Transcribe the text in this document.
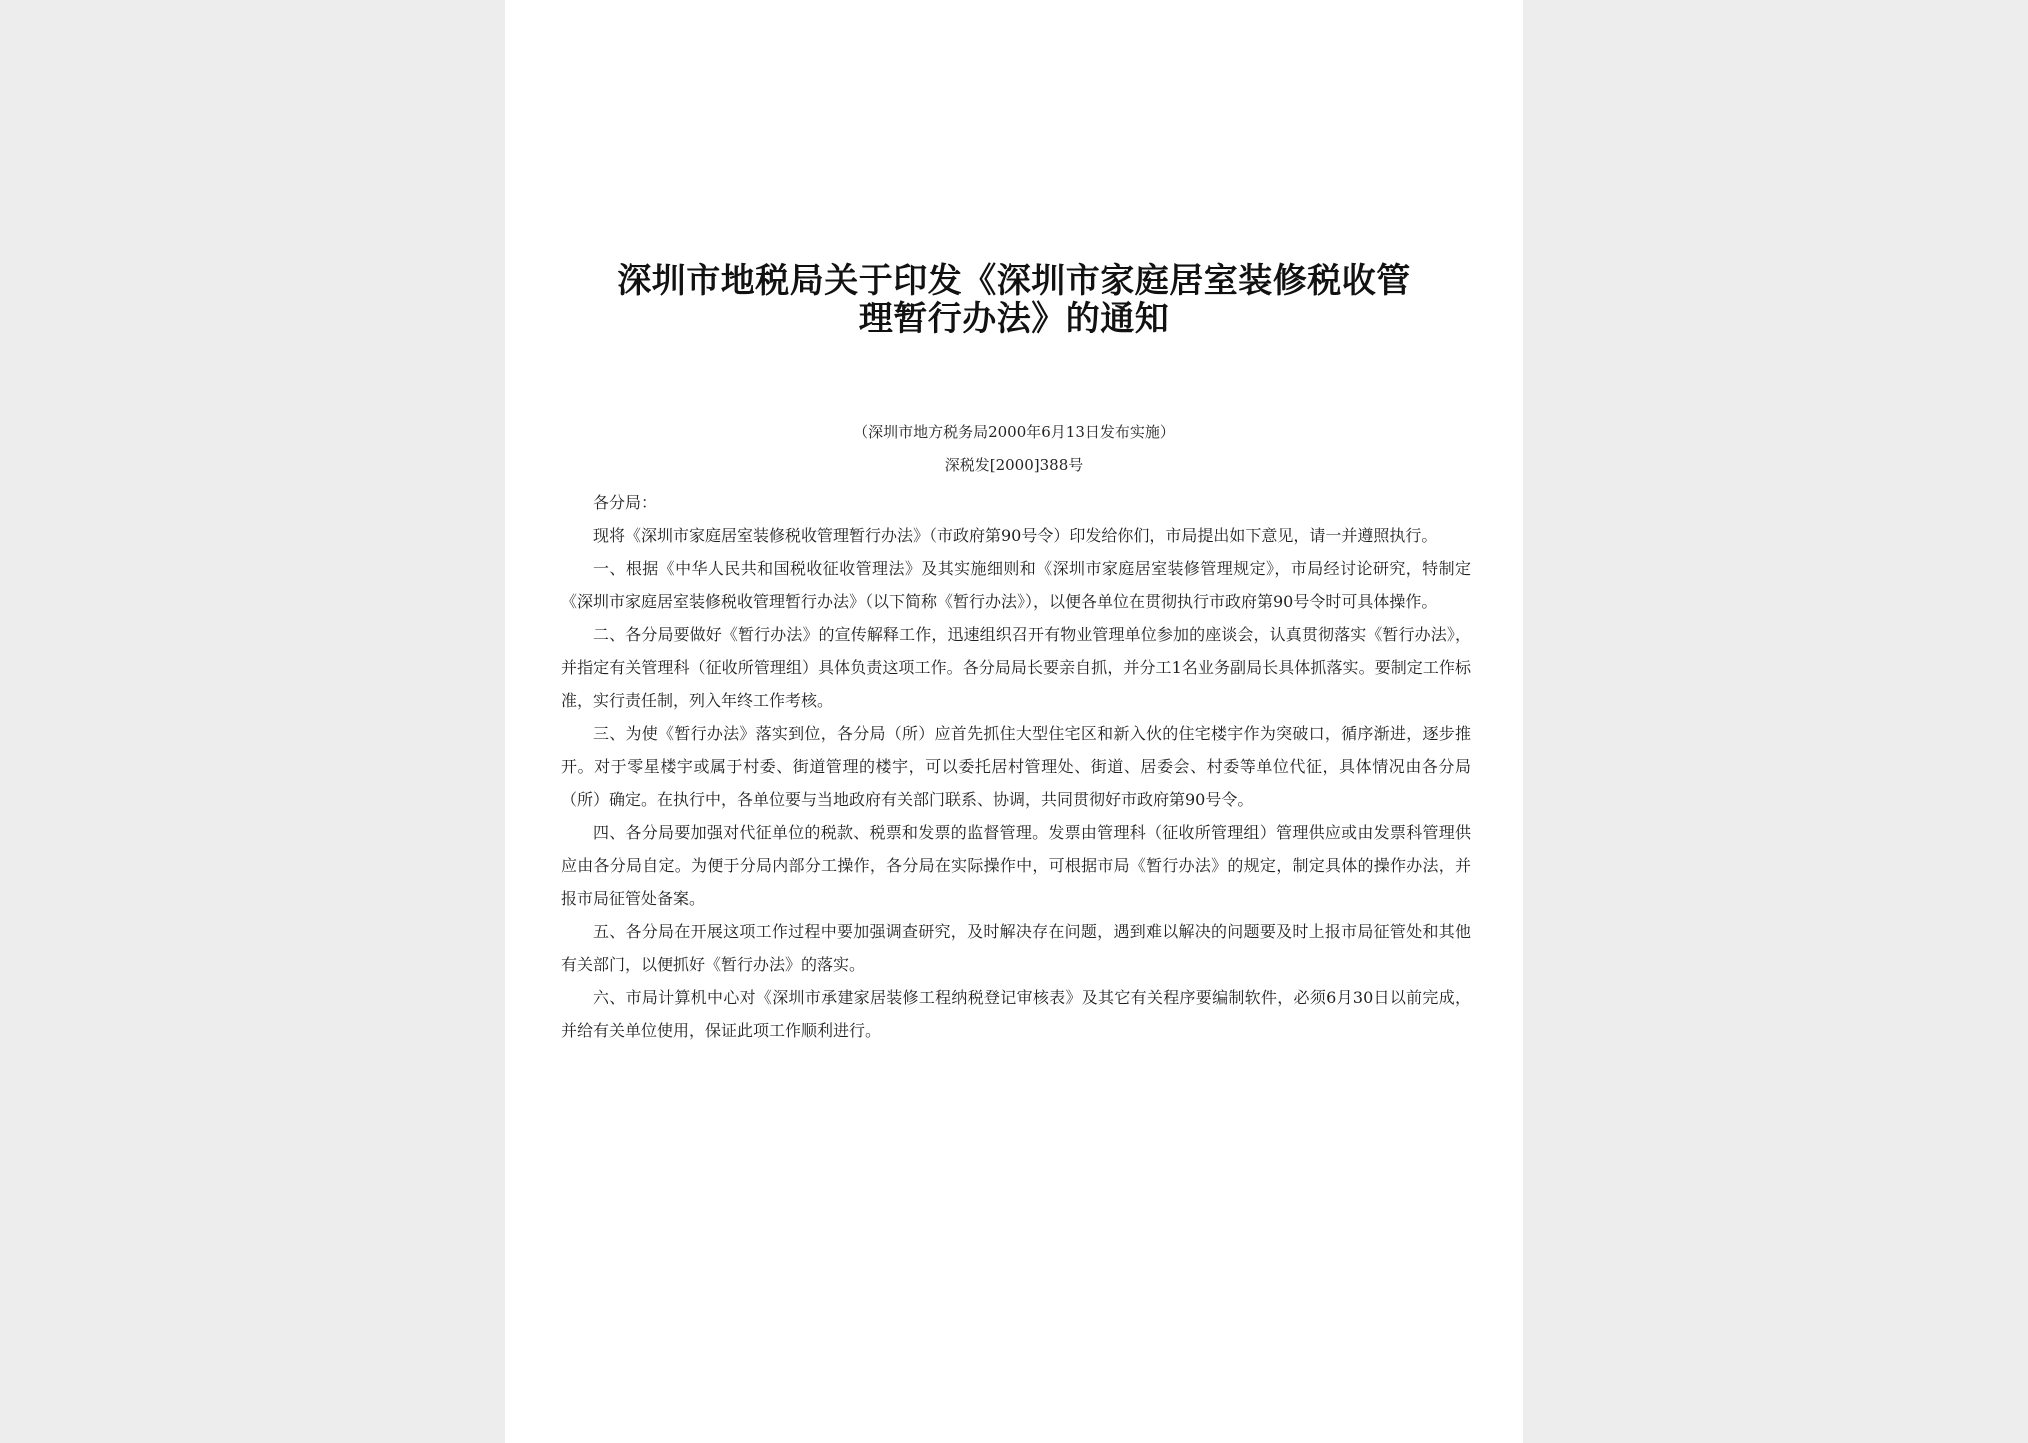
深圳市地税局关于印发《深圳市家庭居室装修税收管
理暂行办法》的通知
（深圳市地方税务局2000年6月13日发布实施）
深税发[2000]388号

各分局：

现将《深圳市家庭居室装修税收管理暂行办法》（市政府第90号令）印发给你们，市局提出如下意见，请一并遵照执行。

一、根据《中华人民共和国税收征收管理法》及其实施细则和《深圳市家庭居室装修管理规定》，市局经讨论研究，特制定《深圳市家庭居室装修税收管理暂行办法》（以下简称《暂行办法》），以便各单位在贯彻执行市政府第90号令时可具体操作。

二、各分局要做好《暂行办法》的宣传解释工作，迅速组织召开有物业管理单位参加的座谈会，认真贯彻落实《暂行办法》，并指定有关管理科（征收所管理组）具体负责这项工作。各分局局长要亲自抓，并分工1名业务副局长具体抓落实。要制定工作标准，实行责任制，列入年终工作考核。

三、为使《暂行办法》落实到位，各分局（所）应首先抓住大型住宅区和新入伙的住宅楼宇作为突破口，循序渐进，逐步推开。对于零星楼宇或属于村委、街道管理的楼宇，可以委托居村管理处、街道、居委会、村委等单位代征，具体情况由各分局（所）确定。在执行中，各单位要与当地政府有关部门联系、协调，共同贯彻好市政府第90号令。

四、各分局要加强对代征单位的税款、税票和发票的监督管理。发票由管理科（征收所管理组）管理供应或由发票科管理供应由各分局自定。为便于分局内部分工操作，各分局在实际操作中，可根据市局《暂行办法》的规定，制定具体的操作办法，并报市局征管处备案。

五、各分局在开展这项工作过程中要加强调查研究，及时解决存在问题，遇到难以解决的问题要及时上报市局征管处和其他有关部门，以便抓好《暂行办法》的落实。

六、市局计算机中心对《深圳市承建家居装修工程纳税登记审核表》及其它有关程序要编制软件，必须6月30日以前完成，并给有关单位使用，保证此项工作顺利进行。
